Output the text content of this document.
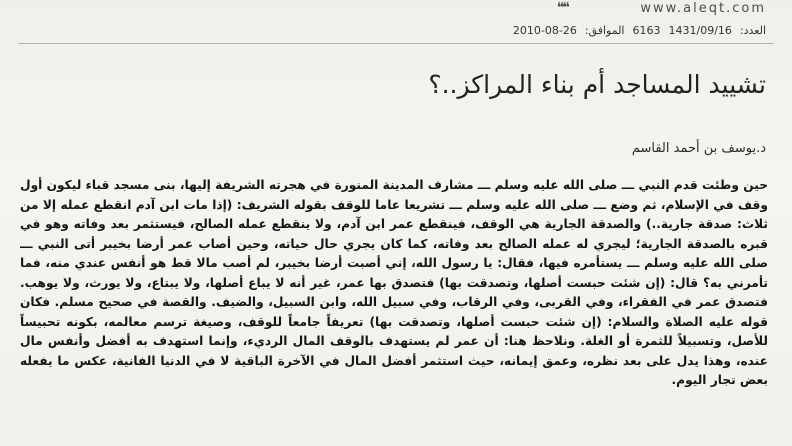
❝❝	www.aleqt.com
العدد:6163 1431/09/16الموافق:26-08-2010
تشييد المساجد أم بناء المراكز..؟
د.يوسف بن أحمد القاسم

حين وطئت قدم النبي ـــ صلى الله عليه وسلم ـــ مشارف المدينة المنورة في هجرته الشريفة إليها، بنى مسجد قباء ليكون أول وقف في الإسلام، ثم وضع ـــ صلى الله عليه وسلم ـــ تشريعا عاما للوقف بقوله الشريف: (إذا مات ابن آدم انقطع عمله إلا من ثلاث: صدقة جارية..) والصدقة الجارية هي الوقف، فينقطع عمر ابن آدم، ولا ينقطع عمله الصالح، فيستثمر بعد وفاته وهو في قبره بالصدقة الجارية؛ ليجري له عمله الصالح بعد وفاته، كما كان يجري حال حياته، وحين أصاب عمر أرضا بخيبر أتى النبي ـــ صلى الله عليه وسلم ـــ يستأمره فيها، فقال: يا رسول الله، إني أصبت أرضا بخيبر، لم أصب مالا قط هو أنفس عندي منه، فما تأمرني به؟ قال: (إن شئت حبست أصلها، وتصدقت بها) فتصدق بها عمر، غير أنه لا يباع أصلها، ولا يبتاع، ولا يورث، ولا يوهب. فتصدق عمر في الفقراء، وفي القربى، وفي الرقاب، وفي سبيل الله، وابن السبيل، والضيف. والقصة في صحيح مسلم. فكان قوله عليه الصلاة والسلام: (إن شئت حبست أصلها، وتصدقت بها) تعريفاً جامعاً للوقف، وصيغة ترسم معالمه، بكونه تحبيساً للأصل، وتسبيلاً للثمرة أو الغلة. ونلاحظ هنا: أن عمر لم يستهدف بالوقف المال الرديء، وإنما استهدف به أفضل وأنفس مال عنده، وهذا يدل على بعد نظره، وعمق إيمانه، حيث استثمر أفضل المال في الآخرة الباقية لا في الدنيا الفانية، عكس ما يفعله بعض تجار اليوم.
